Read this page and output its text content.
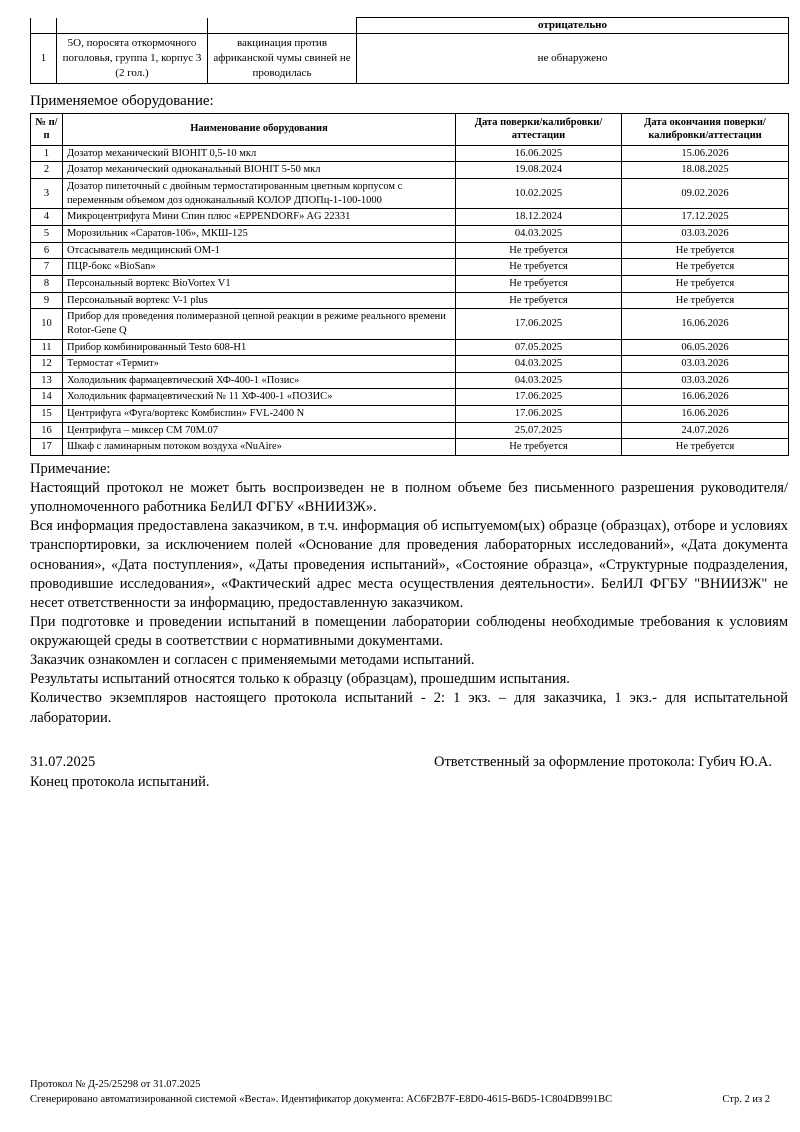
			отрицательно
1	5О, поросята откормочного поголовья, группа 1, корпус 3 (2 гол.)	вакцинация против африканской чумы свиней не проводилась	не обнаружено
Применяемое оборудование:
№ п/п	Наименование оборудования	Дата поверки/калибровки/аттестации	Дата окончания поверки/калибровки/аттестации
1	Дозатор механический BIOHIT 0,5-10 мкл	16.06.2025	15.06.2026
2	Дозатор механический одноканальный BIOHIT 5-50 мкл	19.08.2024	18.08.2025
3	Дозатор пипеточный с двойным термостатированным цветным корпусом с переменным объемом доз одноканальный КОЛОР ДПОПц-1-100-1000	10.02.2025	09.02.2026
4	Микроцентрифуга Мини Спин плюс «EPPENDORF» AG 22331	18.12.2024	17.12.2025
5	Морозильник «Саратов-106», МКШ-125	04.03.2025	03.03.2026
6	Отсасыватель медицинский ОМ-1	Не требуется	Не требуется
7	ПЦР-бокс «BioSan»	Не требуется	Не требуется
8	Персональный вортекс BioVortex V1	Не требуется	Не требуется
9	Персональный вортекс V-1 plus	Не требуется	Не требуется
10	Прибор для проведения полимеразной цепной реакции в режиме реального времени Rotor-Gene Q	17.06.2025	16.06.2026
11	Прибор комбинированный Testo 608-H1	07.05.2025	06.05.2026
12	Термостат «Термит»	04.03.2025	03.03.2026
13	Холодильник фармацевтический ХФ-400-1 «Позис»	04.03.2025	03.03.2026
14	Холодильник фармацевтический № 11 ХФ-400-1 «ПОЗИС»	17.06.2025	16.06.2026
15	Центрифуга «Фуга/вортекс Комбиспин» FVL-2400 N	17.06.2025	16.06.2026
16	Центрифуга – миксер СМ 70М.07	25.07.2025	24.07.2026
17	Шкаф с ламинарным потоком воздуха «NuAire»	Не требуется	Не требуется

Примечание:

Настоящий протокол не может быть воспроизведен не в полном объеме без письменного разрешения руководителя/уполномоченного работника БелИЛ ФГБУ «ВНИИЗЖ».

Вся информация предоставлена заказчиком, в т.ч. информация об испытуемом(ых) образце (образцах), отборе и условиях транспортировки, за исключением полей «Основание для проведения лабораторных исследований», «Дата документа основания», «Дата поступления», «Даты проведения испытаний», «Состояние образца», «Структурные подразделения, проводившие исследования», «Фактический адрес места осуществления деятельности». БелИЛ ФГБУ "ВНИИЗЖ" не несет ответственности за информацию, предоставленную заказчиком.

При подготовке и проведении испытаний в помещении лаборатории соблюдены необходимые требования к условиям окружающей среды в соответствии с нормативными документами.

Заказчик ознакомлен и согласен с применяемыми методами испытаний.

Результаты испытаний относятся только к образцу (образцам), прошедшим испытания.

Количество экземпляров настоящего протокола испытаний - 2: 1 экз. – для заказчика, 1 экз.- для испытательной лаборатории.

31.07.2025	Ответственный за оформление протокола: Губич Ю.А.
Конец протокола испытаний.
Протокол № Д-25/25298 от 31.07.2025
Сгенерировано автоматизированной системой «Веста». Идентификатор документа: AC6F2B7F-E8D0-4615-B6D5-1C804DB991BC	Стр. 2 из 2
